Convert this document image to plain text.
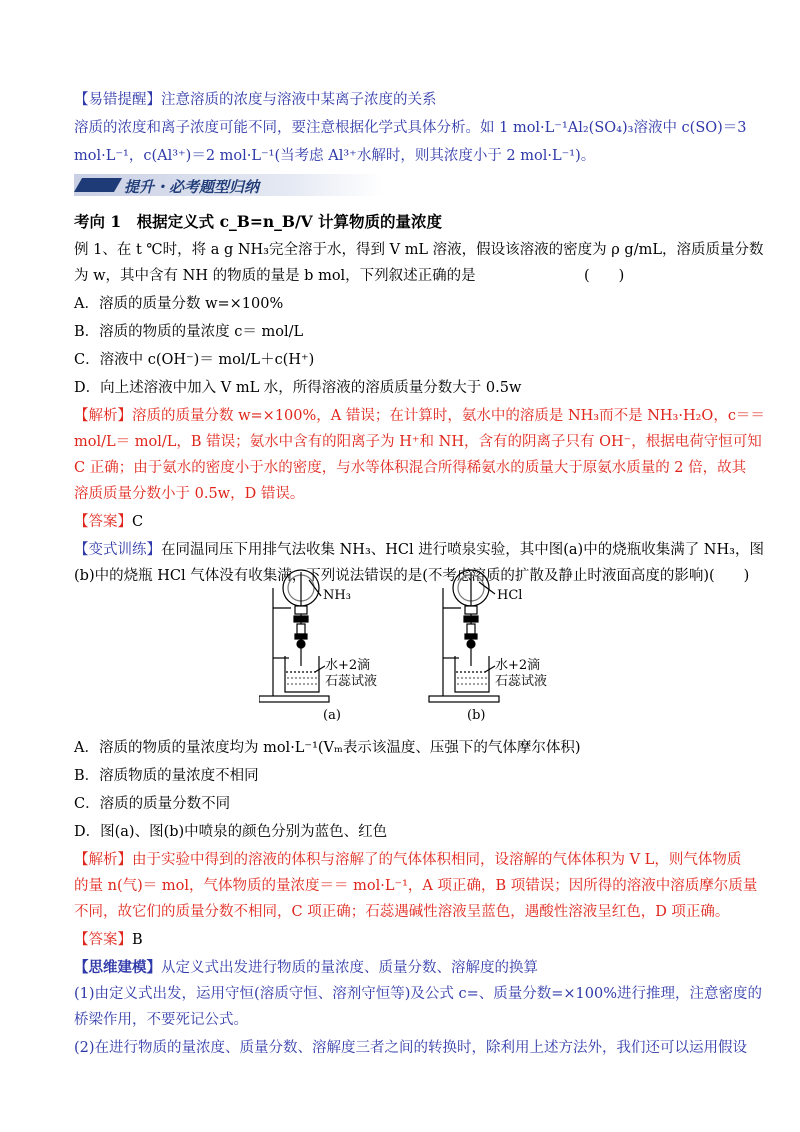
【易错提醒】注意溶质的浓度与溶液中某离子浓度的关系
溶质的浓度和离子浓度可能不同，要注意根据化学式具体分析。如 1 mol·L⁻¹Al₂(SO₄)₃溶液中 c(SO)＝3
mol·L⁻¹，c(Al³⁺)＝2 mol·L⁻¹(当考虑 Al³⁺水解时，则其浓度小于 2 mol·L⁻¹)。
提升・必考题型归纳
考向 1　根据定义式 c_B=n_B/V 计算物质的量浓度
例 1、在 t ℃时，将 a g NH₃完全溶于水，得到 V mL 溶液，假设该溶液的密度为 ρ g/mL，溶质质量分数
为 w，其中含有 NH 的物质的量是 b mol，下列叙述正确的是	(　　)
A．溶质的质量分数 w=×100%
B．溶质的物质的量浓度 c＝ mol/L
C．溶液中 c(OH⁻)＝ mol/L＋c(H⁺)
D．向上述溶液中加入 V mL 水，所得溶液的溶质质量分数大于 0.5w
【解析】溶质的质量分数 w=×100%，A 错误；在计算时，氨水中的溶质是 NH₃而不是 NH₃·H₂O，c＝＝
mol/L＝ mol/L，B 错误；氨水中含有的阳离子为 H⁺和 NH，含有的阴离子只有 OH⁻，根据电荷守恒可知
C 正确；由于氨水的密度小于水的密度，与水等体积混合所得稀氨水的质量大于原氨水质量的 2 倍，故其
溶质质量分数小于 0.5w，D 错误。
【答案】C
【变式训练】在同温同压下用排气法收集 NH₃、HCl 进行喷泉实验，其中图(a)中的烧瓶收集满了 NH₃，图
(b)中的烧瓶 HCl 气体没有收集满，下列说法错误的是(不考虑溶质的扩散及静止时液面高度的影响)(　　)
NH₃	HCl
水+2滴
石蕊试液
水+2滴
石蕊试液
(a)	(b)
A．溶质的物质的量浓度均为 mol·L⁻¹(Vₘ表示该温度、压强下的气体摩尔体积)
B．溶质物质的量浓度不相同
C．溶质的质量分数不同
D．图(a)、图(b)中喷泉的颜色分别为蓝色、红色
【解析】由于实验中得到的溶液的体积与溶解了的气体体积相同，设溶解的气体体积为 V L，则气体物质
的量 n(气)＝ mol，气体物质的量浓度＝＝ mol·L⁻¹，A 项正确，B 项错误；因所得的溶液中溶质摩尔质量
不同，故它们的质量分数不相同，C 项正确；石蕊遇碱性溶液呈蓝色，遇酸性溶液呈红色，D 项正确。
【答案】B
【思维建模】从定义式出发进行物质的量浓度、质量分数、溶解度的换算
(1)由定义式出发，运用守恒(溶质守恒、溶剂守恒等)及公式 c=、质量分数=×100%进行推理，注意密度的
桥梁作用，不要死记公式。
(2)在进行物质的量浓度、质量分数、溶解度三者之间的转换时，除利用上述方法外，我们还可以运用假设
